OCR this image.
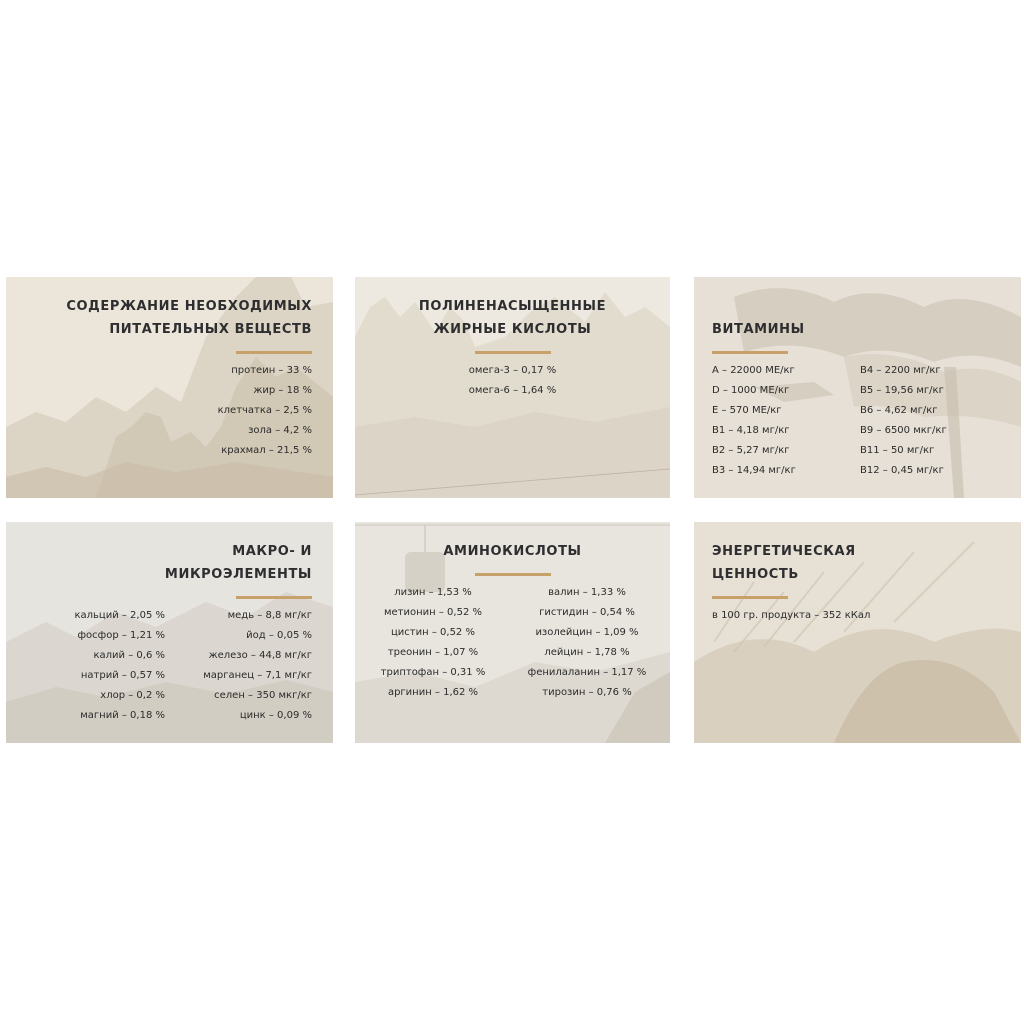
СОДЕРЖАНИЕ НЕОБХОДИМЫХ
ПИТАТЕЛЬНЫХ ВЕЩЕСТВ
протеин – 33 %
жир – 18 %
клетчатка – 2,5 %
зола – 4,2 %
крахмал – 21,5 %
ПОЛИНЕНАСЫЩЕННЫЕ
ЖИРНЫЕ КИСЛОТЫ
омега-3 – 0,17 %
омега-6 – 1,64 %
ВИТАМИНЫ
A – 22000 МЕ/кг
D – 1000 МЕ/кг
E – 570 МЕ/кг
B1 – 4,18 мг/кг
B2 – 5,27 мг/кг
B3 – 14,94 мг/кг
B4 – 2200 мг/кг
B5 – 19,56 мг/кг
B6 – 4,62 мг/кг
B9 – 6500 мкг/кг
B11 – 50 мг/кг
B12 – 0,45 мг/кг
МАКРО- И
МИКРОЭЛЕМЕНТЫ
кальций – 2,05 %
фосфор – 1,21 %
калий – 0,6 %
натрий – 0,57 %
хлор – 0,2 %
магний – 0,18 %
медь – 8,8 мг/кг
йод – 0,05 %
железо – 44,8 мг/кг
марганец – 7,1 мг/кг
селен – 350 мкг/кг
цинк – 0,09 %
АМИНОКИСЛОТЫ
лизин – 1,53 %
метионин – 0,52 %
цистин – 0,52 %
треонин – 1,07 %
триптофан – 0,31 %
аргинин – 1,62 %
валин – 1,33 %
гистидин – 0,54 %
изолейцин – 1,09 %
лейцин – 1,78 %
фенилаланин – 1,17 %
тирозин – 0,76 %
ЭНЕРГЕТИЧЕСКАЯ
ЦЕННОСТЬ
в 100 гр. продукта – 352 кКал
